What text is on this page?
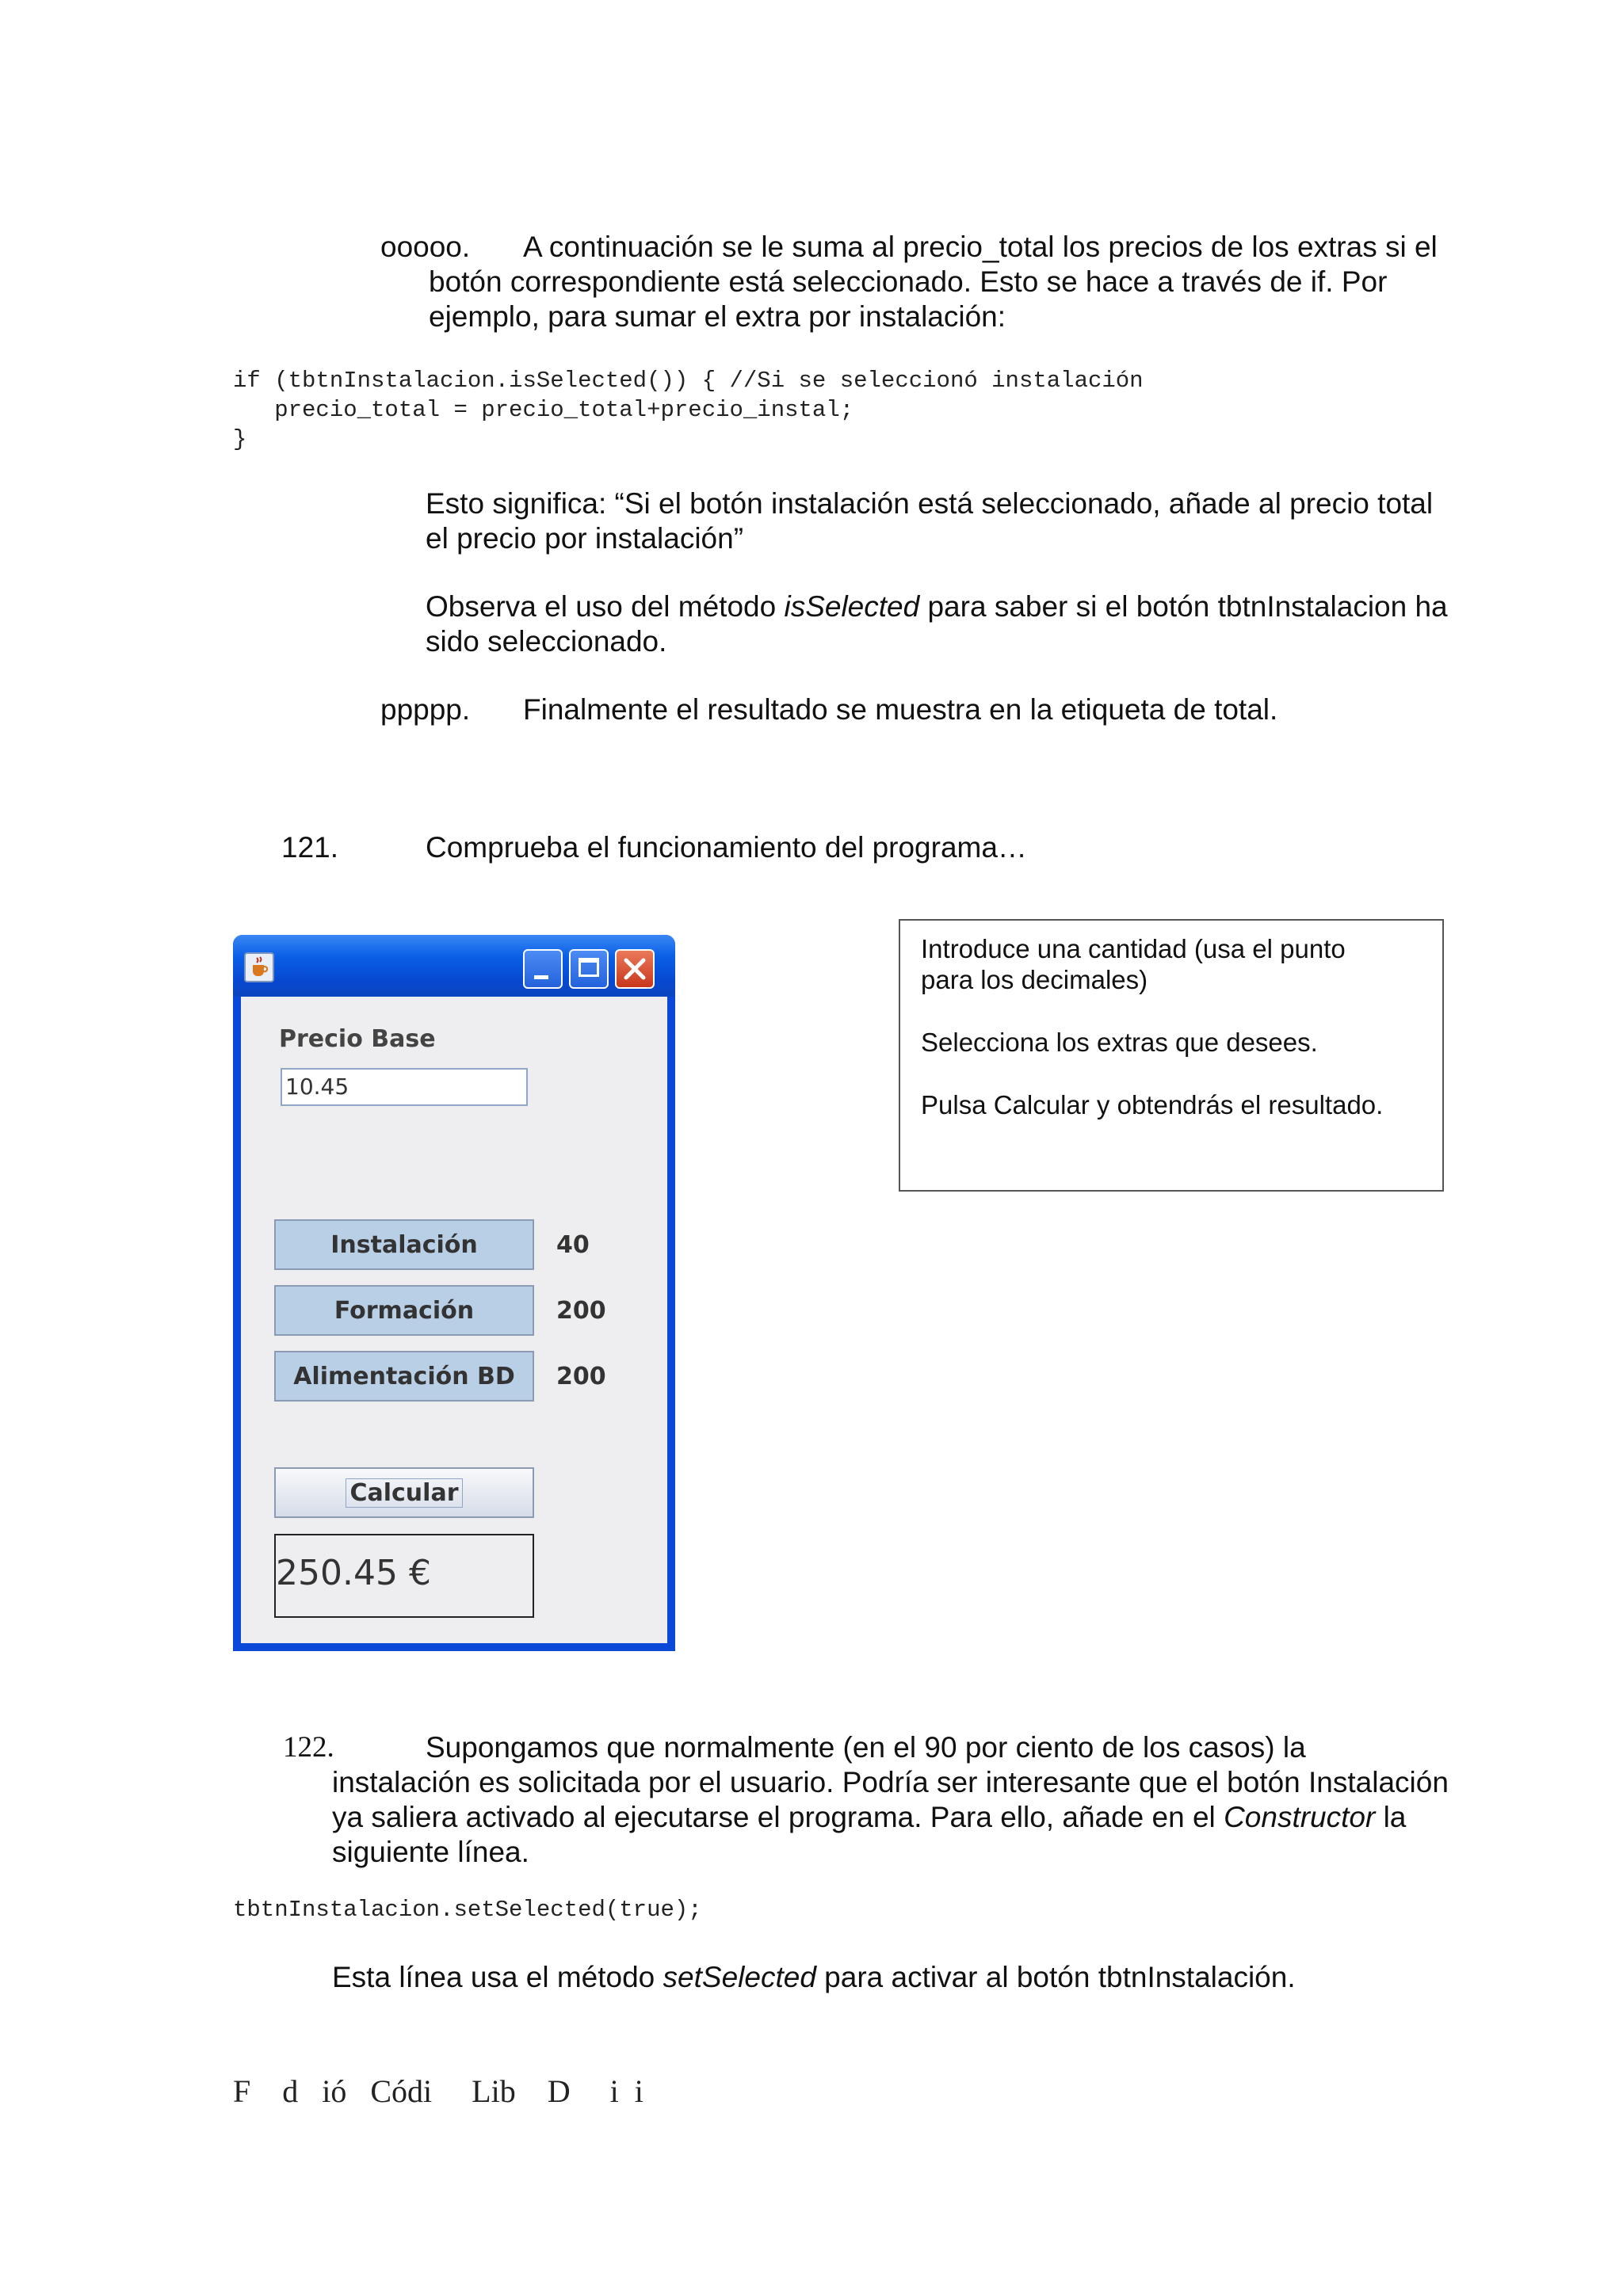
ooooo. A continuación se le suma al precio_total los precios de los extras si el
botón correspondiente está seleccionado. Esto se hace a través de if. Por
ejemplo, para sumar el extra por instalación:
if (tbtnInstalacion.isSelected()) { //Si se seleccionó instalación
precio_total = precio_total+precio_instal;
}
Esto significa: “Si el botón instalación está seleccionado, añade al precio total
el precio por instalación”
Observa el uso del método isSelected para saber si el botón tbtnInstalacion ha
sido seleccionado.
ppppp. Finalmente el resultado se muestra en la etiqueta de total.
121.	Comprueba el funcionamiento del programa…
Precio Base
10.45
Instalación	40
Formación	200
Alimentación BD	200
Calcular
250.45 €
Introduce una cantidad (usa el punto
para los decimales)
Selecciona los extras que desees.
Pulsa Calcular y obtendrás el resultado.
122.	Supongamos que normalmente (en el 90 por ciento de los casos) la
instalación es solicitada por el usuario. Podría ser interesante que el botón Instalación
ya saliera activado al ejecutarse el programa. Para ello, añade en el Constructor la
siguiente línea.
tbtnInstalacion.setSelected(true);
Esta línea usa el método setSelected para activar al botón tbtnInstalación.
F    d   ió   Códi     Lib    D     i  i
